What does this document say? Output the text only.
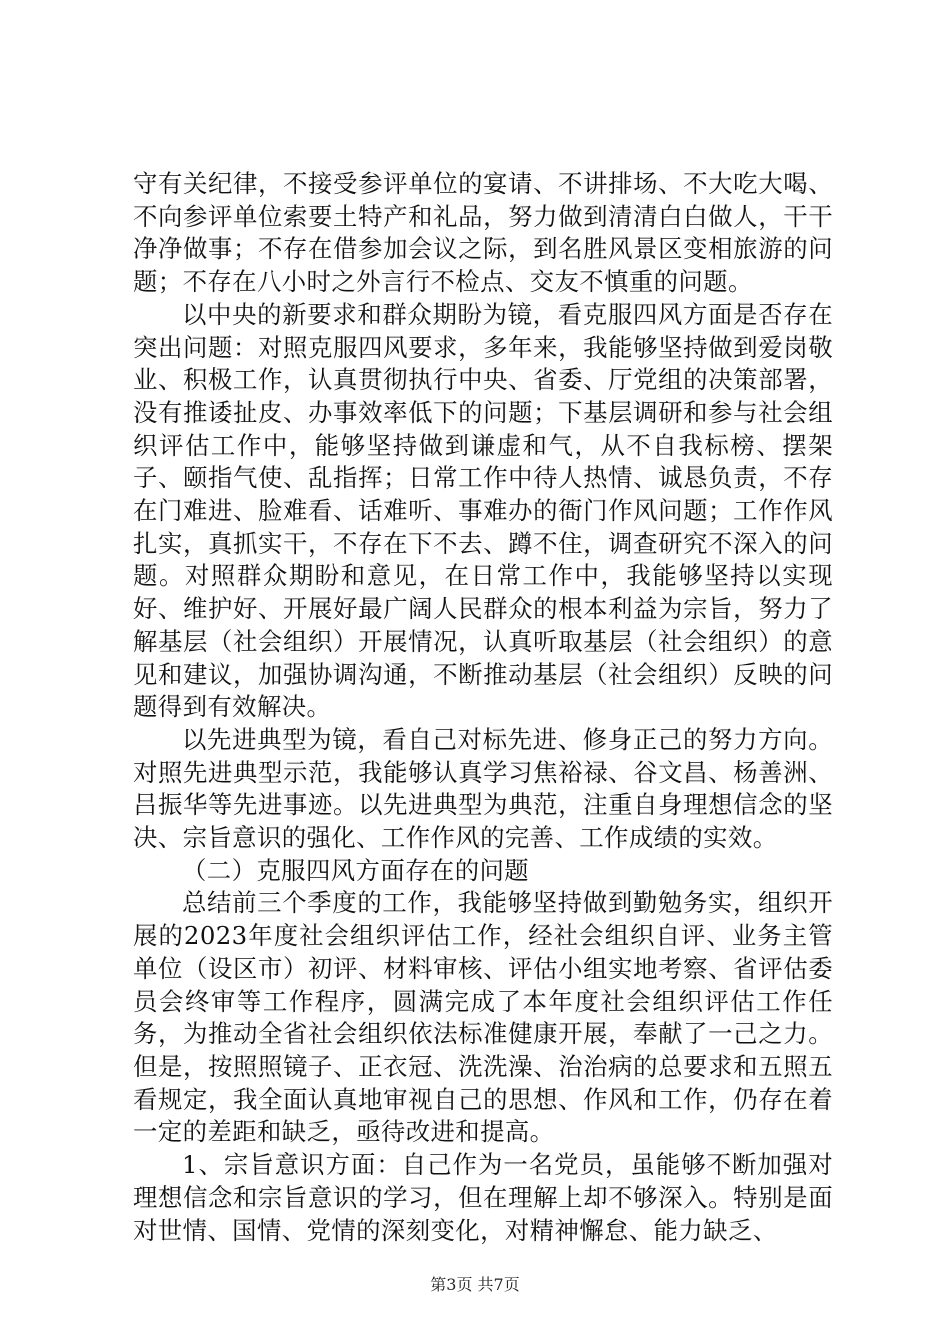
守有关纪律，不接受参评单位的宴请、不讲排场、不大吃大喝、不向参评单位索要土特产和礼品，努力做到清清白白做人，干干净净做事；不存在借参加会议之际，到名胜风景区变相旅游的问题；不存在八小时之外言行不检点、交友不慎重的问题。

以中央的新要求和群众期盼为镜，看克服四风方面是否存在突出问题：对照克服四风要求，多年来，我能够坚持做到爱岗敬业、积极工作，认真贯彻执行中央、省委、厅党组的决策部署，没有推诿扯皮、办事效率低下的问题；下基层调研和参与社会组织评估工作中，能够坚持做到谦虚和气，从不自我标榜、摆架子、颐指气使、乱指挥；日常工作中待人热情、诚恳负责，不存在门难进、脸难看、话难听、事难办的衙门作风问题；工作作风扎实，真抓实干，不存在下不去、蹲不住，调查研究不深入的问题。对照群众期盼和意见，在日常工作中，我能够坚持以实现好、维护好、开展好最广阔人民群众的根本利益为宗旨，努力了解基层（社会组织）开展情况，认真听取基层（社会组织）的意见和建议，加强协调沟通，不断推动基层（社会组织）反映的问题得到有效解决。

以先进典型为镜，看自己对标先进、修身正己的努力方向。对照先进典型示范，我能够认真学习焦裕禄、谷文昌、杨善洲、吕振华等先进事迹。以先进典型为典范，注重自身理想信念的坚决、宗旨意识的强化、工作作风的完善、工作成绩的实效。

（二）克服四风方面存在的问题

总结前三个季度的工作，我能够坚持做到勤勉务实，组织开展的2023年度社会组织评估工作，经社会组织自评、业务主管单位（设区市）初评、材料审核、评估小组实地考察、省评估委员会终审等工作程序，圆满完成了本年度社会组织评估工作任务，为推动全省社会组织依法标准健康开展，奉献了一己之力。但是，按照照镜子、正衣冠、洗洗澡、治治病的总要求和五照五看规定，我全面认真地审视自己的思想、作风和工作，仍存在着一定的差距和缺乏，亟待改进和提高。

1、宗旨意识方面：自己作为一名党员，虽能够不断加强对理想信念和宗旨意识的学习，但在理解上却不够深入。特别是面对世情、国情、党情的深刻变化，对精神懈怠、能力缺乏、

第3页 共7页
